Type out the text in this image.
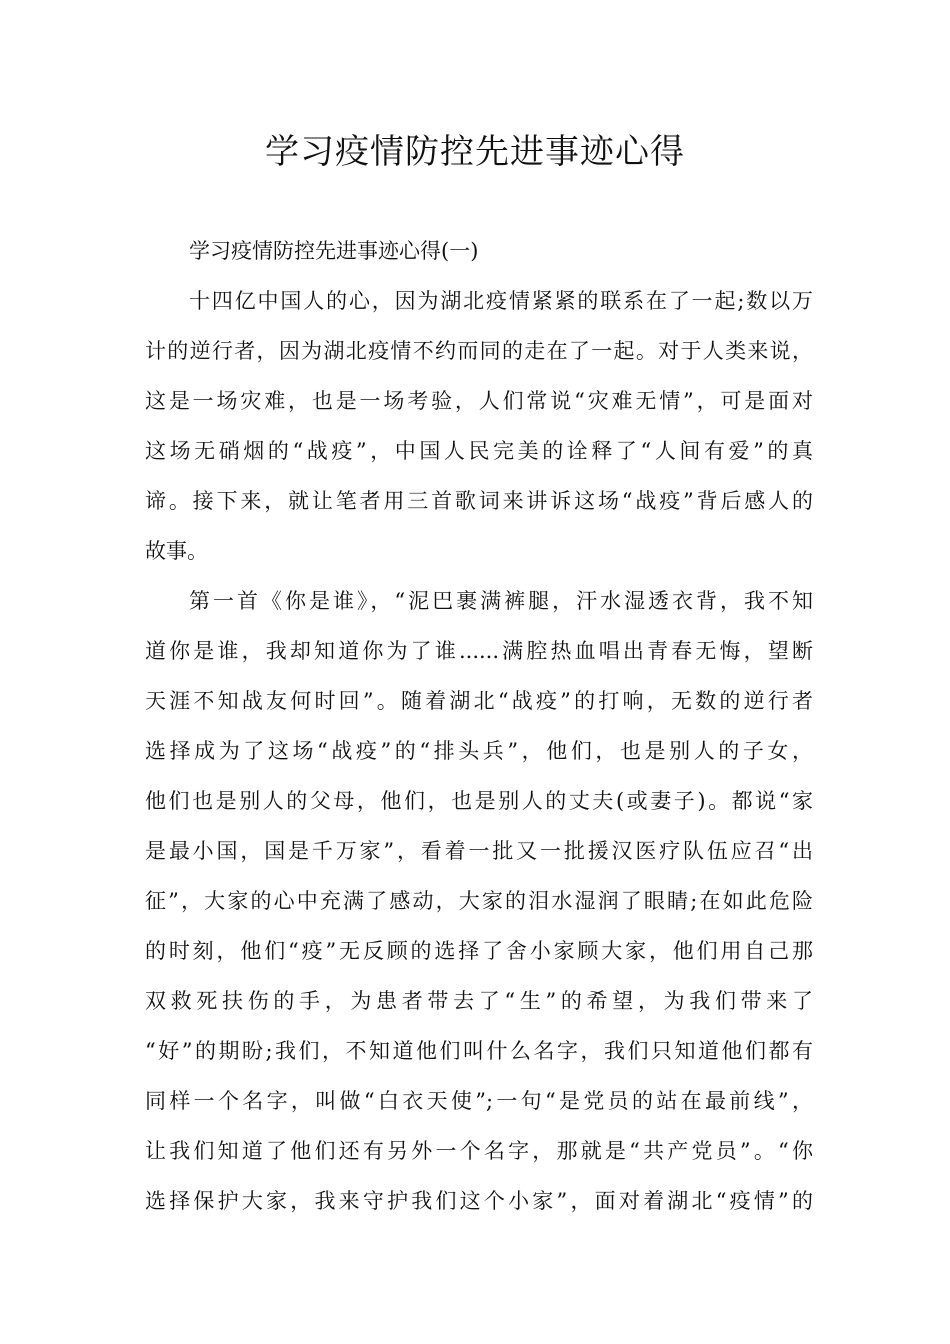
学习疫情防控先进事迹心得
学习疫情防控先进事迹心得(一)
十四亿中国人的心，因为湖北疫情紧紧的联系在了一起;数以万
计的逆行者，因为湖北疫情不约而同的走在了一起。对于人类来说，
这是一场灾难，也是一场考验，人们常说“灾难无情”，可是面对
这场无硝烟的“战疫”，中国人民完美的诠释了“人间有爱”的真
谛。接下来，就让笔者用三首歌词来讲诉这场“战疫”背后感人的
故事。
第一首《你是谁》，“泥巴裹满裤腿，汗水湿透衣背，我不知
道你是谁，我却知道你为了谁......满腔热血唱出青春无悔，望断
天涯不知战友何时回”。随着湖北“战疫”的打响，无数的逆行者
选择成为了这场“战疫”的“排头兵”，他们，也是别人的子女，
他们也是别人的父母，他们，也是别人的丈夫(或妻子)。都说“家
是最小国，国是千万家”，看着一批又一批援汉医疗队伍应召“出
征”，大家的心中充满了感动，大家的泪水湿润了眼睛;在如此危险
的时刻，他们“疫”无反顾的选择了舍小家顾大家，他们用自己那
双救死扶伤的手，为患者带去了“生”的希望，为我们带来了
“好”的期盼;我们，不知道他们叫什么名字，我们只知道他们都有
同样一个名字，叫做“白衣天使”;一句“是党员的站在最前线”，
让我们知道了他们还有另外一个名字，那就是“共产党员”。“你
选择保护大家，我来守护我们这个小家”，面对着湖北“疫情”的
